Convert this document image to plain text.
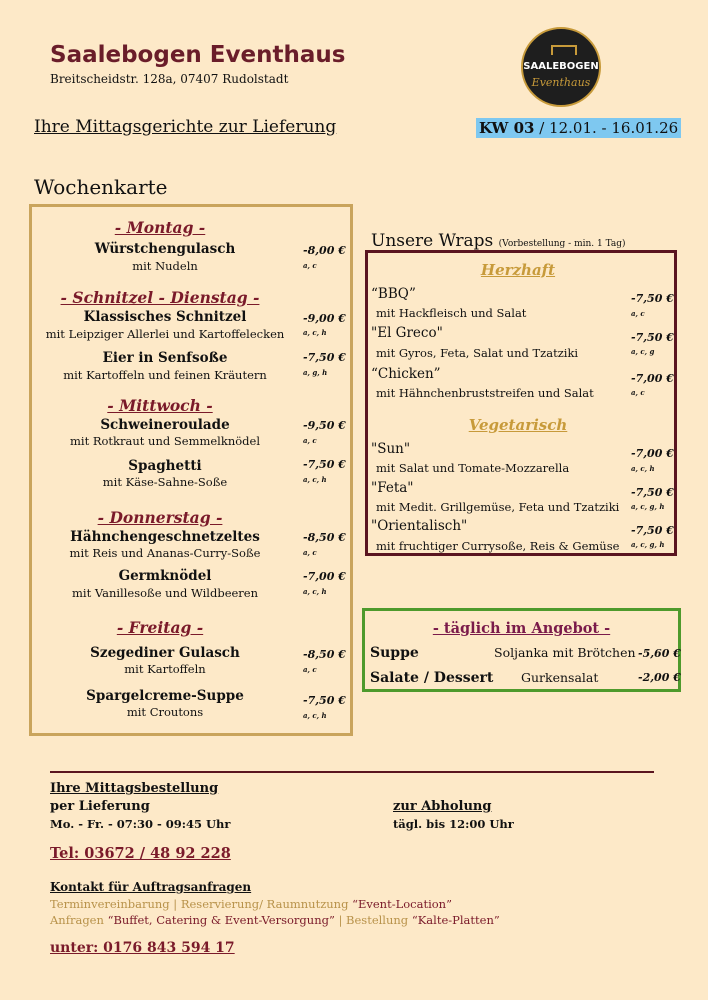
Saalebogen Eventhaus
Breitscheidstr. 128a, 07407 Rudolstadt
SAALEBOGEN
Eventhaus
Ihre Mittagsgerichte zur Lieferung	KW 03 / 12.01. - 16.01.26
Wochenkarte
- Montag -
Würstchengulasch
mit Nudeln
-8,00 €
a, c
- Schnitzel - Dienstag -
Klassisches Schnitzel
mit Leipziger Allerlei und Kartoffelecken
-9,00 €
a, c, h
Eier in Senfsoße
mit Kartoffeln und feinen Kräutern
-7,50 €
a, g, h
- Mittwoch -
Schweineroulade
mit Rotkraut und Semmelknödel
-9,50 €
a, c
Spaghetti
mit Käse-Sahne-Soße
-7,50 €
a, c, h
- Donnerstag -
Hähnchengeschnetzeltes
mit Reis und Ananas-Curry-Soße
-8,50 €
a, c
Germknödel
mit Vanillesoße und Wildbeeren
-7,00 €
a, c, h
- Freitag -
Szegediner Gulasch
mit Kartoffeln
-8,50 €
a, c
Spargelcreme-Suppe
mit Croutons
-7,50 €
a, c, h
Unsere Wraps (Vorbestellung - min. 1 Tag)
Herzhaft
“BBQ”
mit Hackfleisch und Salat
-7,50 €
a, c
"El Greco"
mit Gyros, Feta, Salat und Tzatziki
-7,50 €
a, c, g
“Chicken”
mit Hähnchenbruststreifen und Salat
-7,00 €
a, c
Vegetarisch
"Sun"
mit Salat und Tomate-Mozzarella
-7,00 €
a, c, h
"Feta"
mit Medit. Grillgemüse, Feta und Tzatziki
-7,50 €
a, c, g, h
"Orientalisch"
mit fruchtiger Currysoße, Reis & Gemüse
-7,50 €
a, c, g, h
- täglich im Angebot -
Suppe	Soljanka mit Brötchen -5,60 €
Salate / Dessert Gurkensalat	-2,00 €
Ihre Mittagsbestellung
per Lieferung
Mo. - Fr. - 07:30 - 09:45 Uhr
zur Abholung
tägl. bis 12:00 Uhr
Tel: 03672 / 48 92 228
Kontakt für Auftragsanfragen
Terminvereinbarung | Reservierung/ Raumnutzung “Event-Location”
Anfragen “Buffet, Catering & Event-Versorgung” | Bestellung “Kalte-Platten”
unter: 0176 843 594 17
